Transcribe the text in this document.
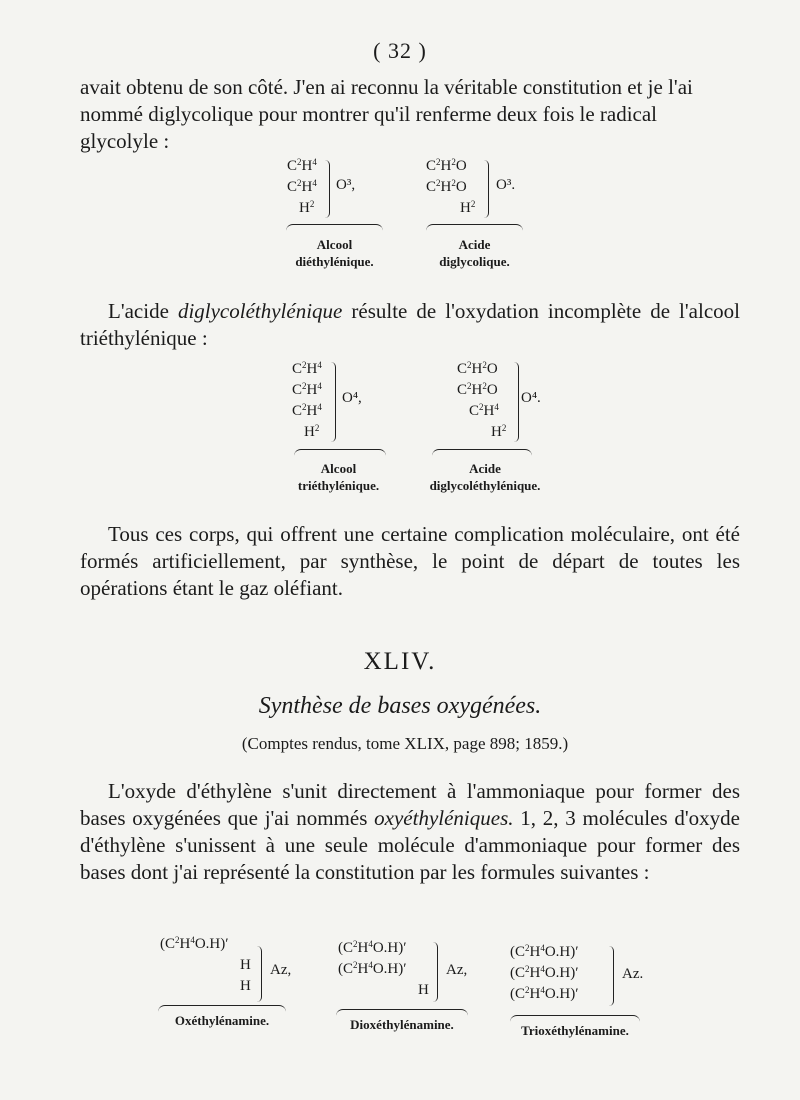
( 32 )
avait obtenu de son côté. J'en ai reconnu la véritable constitution et je l'ai nommé diglycolique pour montrer qu'il renferme deux fois le radical glycolyle :
$C^2H^4$
$C^2H^4$
$H^2$
O³,
$C^2H^2O$
$C^2H^2O$
$H^2$
O³.
Alcool
diéthylénique.
Acide
diglycolique.
L'acide diglycoléthylénique résulte de l'oxydation incomplète de l'alcool triéthylénique :
$C^2H^4$
$C^2H^4$
$C^2H^4$
$H^2$
O⁴,
$C^2H^2O$
$C^2H^2O$
$C^2H^4$
$H^2$
O⁴.
Alcool
triéthylénique.
Acide
diglycoléthylénique.
Tous ces corps, qui offrent une certaine complication moléculaire, ont été formés artificiellement, par synthèse, le point de départ de toutes les opérations étant le gaz oléfiant.
XLIV.
Synthèse de bases oxygénées.
(Comptes rendus, tome XLIX, page 898; 1859.)
L'oxyde d'éthylène s'unit directement à l'ammoniaque pour former des bases oxygénées que j'ai nommés oxyéthyléniques. 1, 2, 3 molécules d'oxyde d'éthylène s'unissent à une seule molécule d'ammoniaque pour former des bases dont j'ai représenté la constitution par les formules suivantes :
$(C^2H^4O.H)'$
H
H
Az,
$(C^2H^4O.H)'$
$(C^2H^4O.H)'$
H
Az,
$(C^2H^4O.H)'$
$(C^2H^4O.H)'$
$(C^2H^4O.H)'$
Az.
Oxéthylénamine.	Dioxéthylénamine.	Trioxéthylénamine.
